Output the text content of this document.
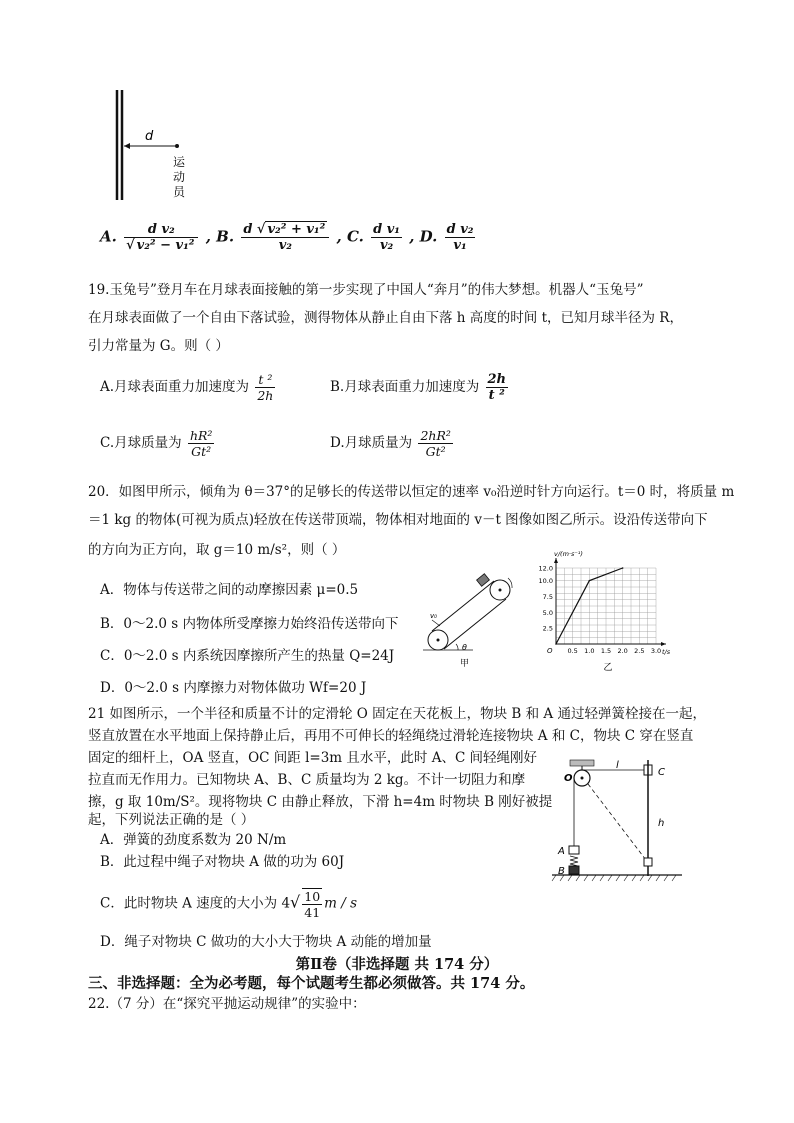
d
运
动
员
A. $\frac{\text{d v₂}}{\text{√ v₂² − v₁²}}$ , B. $\frac{\text{d √ v₂² + v₁²}}{\text{v₂}}$ , C. $\frac{\text{d v₁}}{\text{v₂}}$ , D. $\frac{\text{d v₂}}{\text{v₁}}$
19.玉兔号”登月车在月球表面接触的第一步实现了中国人“奔月”的伟大梦想。机器人“玉兔号”
在月球表面做了一个自由下落试验，测得物体从静止自由下落 h 高度的时间 t，已知月球半径为 R，
引力常量为 G。则（ ）
A.月球表面重力加速度为 $\frac{\text{t ²}}{2h}$	B.月球表面重力加速度为 $\frac{2h}{\text{t ²}}$
C.月球质量为 $\frac{\text{hR²}}{\text{Gt²}}$	D.月球质量为 $\frac{\text{2hR²}}{\text{Gt²}}$
20．如图甲所示，倾角为 θ＝37°的足够长的传送带以恒定的速率 v₀沿逆时针方向运行。t＝0 时，将质量 m
＝1 kg 的物体(可视为质点)轻放在传送带顶端，物体相对地面的 v－t 图像如图乙所示。设沿传送带向下
的方向为正方向，取 g＝10 m/s²，则（ ）
A．物体与传送带之间的动摩擦因素 μ=0.5
B．0～2.0 s 内物体所受摩擦力始终沿传送带向下
C．0～2.0 s 内系统因摩擦所产生的热量 Q=24J
D．0～2.0 s 内摩擦力对物体做功 Wf=20 J
θ
v₀
甲
0.5 1.0 1.5 2.0 2.5 3.0
2.5
5.0
7.5
10.0
12.0
O	t/s
v/(m·s⁻¹)
乙
21 如图所示，一个半径和质量不计的定滑轮 O 固定在天花板上，物块 B 和 A 通过轻弹簧栓接在一起，
竖直放置在水平地面上保持静止后，再用不可伸长的轻绳绕过滑轮连接物块 A 和 C，物块 C 穿在竖直
固定的细杆上，OA 竖直，OC 间距 l=3m 且水平，此时 A、C 间轻绳刚好
拉直而无作用力。已知物块 A、B、C 质量均为 2 kg。不计一切阻力和摩
擦，g 取 10m/S²。现将物块 C 由静止释放，下滑 h=4m 时物块 B 刚好被提
起，下列说法正确的是（ ）
A．弹簧的劲度系数为 20 N/m
B．此过程中绳子对物块 A 做的功为 60J
C．此时物块 A 速度的大小为 $4√ \frac{10}{41}$ m / s
D．绳子对物块 C 做功的大小大于物块 A 动能的增加量
O
l
C
h
A
B
第Ⅱ卷（非选择题 共 174 分）
三、非选择题：全为必考题，每个试题考生都必须做答。共 174 分。
22.（7 分）在“探究平抛运动规律”的实验中：
